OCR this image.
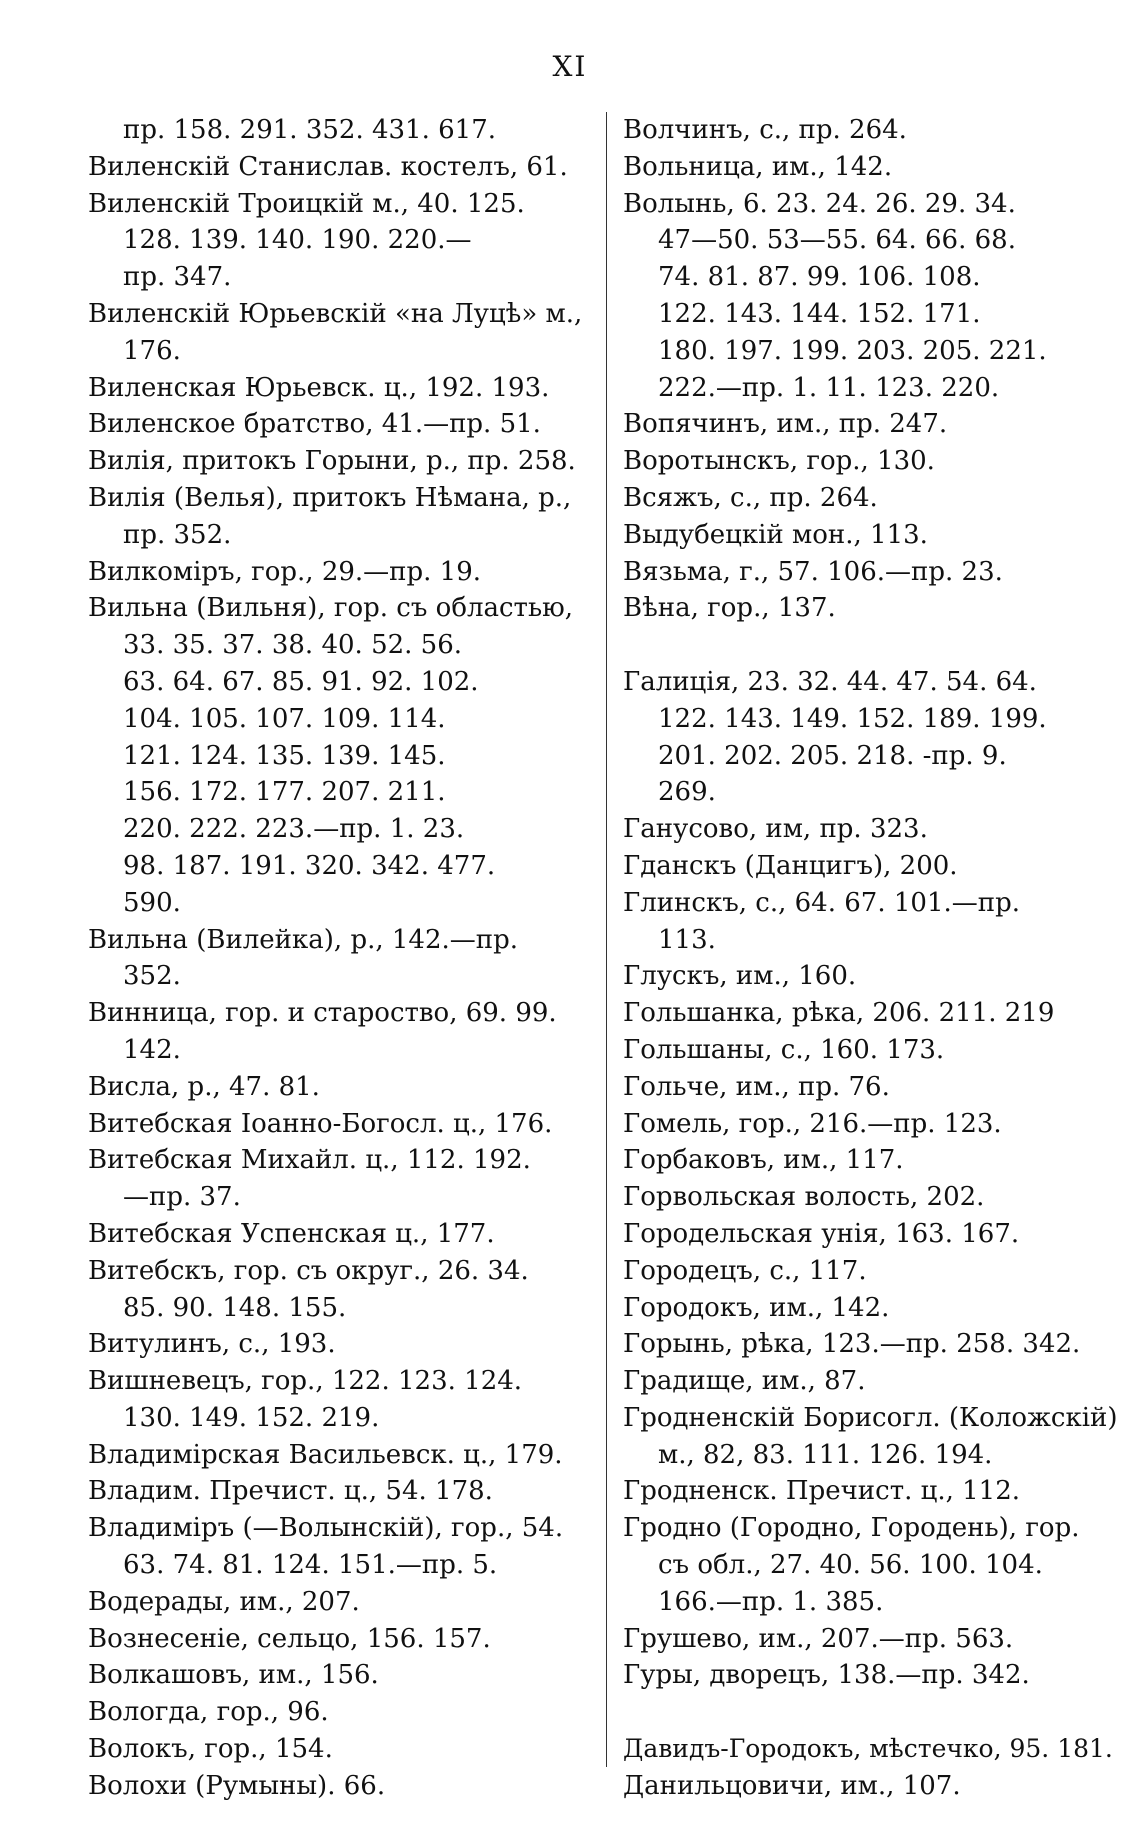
XI
пр. 158. 291. 352. 431. 617.
Виленскій Станислав. костелъ, 61.
Виленскій Троицкій м., 40. 125.
128. 139. 140. 190. 220.—
пр. 347.
Виленскій Юрьевскій «на Луцѣ» м.,
176.
Виленская Юрьевск. ц., 192. 193.
Виленское братство, 41.—пр. 51.
Вилія, притокъ Горыни, р., пр. 258.
Вилія (Велья), притокъ Нѣмана, р.,
пр. 352.
Вилкоміръ, гор., 29.—пр. 19.
Вильна (Вильня), гор. съ областью,
33. 35. 37. 38. 40. 52. 56.
63. 64. 67. 85. 91. 92. 102.
104. 105. 107. 109. 114.
121. 124. 135. 139. 145.
156. 172. 177. 207. 211.
220. 222. 223.—пр. 1. 23.
98. 187. 191. 320. 342. 477.
590.
Вильна (Вилейка), р., 142.—пр.
352.
Винница, гор. и староство, 69. 99.
142.
Висла, р., 47. 81.
Витебская Іоанно-Богосл. ц., 176.
Витебская Михайл. ц., 112. 192.
—пр. 37.
Витебская Успенская ц., 177.
Витебскъ, гор. съ округ., 26. 34.
85. 90. 148. 155.
Витулинъ, с., 193.
Вишневецъ, гор., 122. 123. 124.
130. 149. 152. 219.
Владимірская Васильевск. ц., 179.
Владим. Пречист. ц., 54. 178.
Владиміръ (—Волынскій), гор., 54.
63. 74. 81. 124. 151.—пр. 5.
Водерады, им., 207.
Вознесеніе, сельцо, 156. 157.
Волкашовъ, им., 156.
Вологда, гор., 96.
Волокъ, гор., 154.
Волохи (Румыны). 66.
Волчинъ, с., пр. 264.
Вольница, им., 142.
Волынь, 6. 23. 24. 26. 29. 34.
47—50. 53—55. 64. 66. 68.
74. 81. 87. 99. 106. 108.
122. 143. 144. 152. 171.
180. 197. 199. 203. 205. 221.
222.—пр. 1. 11. 123. 220.
Вопячинъ, им., пр. 247.
Воротынскъ, гор., 130.
Всяжъ, с., пр. 264.
Выдубецкій мон., 113.
Вязьма, г., 57. 106.—пр. 23.
Вѣна, гор., 137.
Галиція, 23. 32. 44. 47. 54. 64.
122. 143. 149. 152. 189. 199.
201. 202. 205. 218. -пр. 9.
269.
Ганусово, им, пр. 323.
Гданскъ (Данцигъ), 200.
Глинскъ, с., 64. 67. 101.—пр.
113.
Глускъ, им., 160.
Гольшанка, рѣка, 206. 211. 219
Гольшаны, с., 160. 173.
Гольче, им., пр. 76.
Гомель, гор., 216.—пр. 123.
Горбаковъ, им., 117.
Горвольская волость, 202.
Городельская унія, 163. 167.
Городецъ, с., 117.
Городокъ, им., 142.
Горынь, рѣка, 123.—пр. 258. 342.
Градище, им., 87.
Гродненскій Борисогл. (Коложскій)
м., 82, 83. 111. 126. 194.
Гродненск. Пречист. ц., 112.
Гродно (Городно, Городень), гор.
съ обл., 27. 40. 56. 100. 104.
166.—пр. 1. 385.
Грушево, им., 207.—пр. 563.
Гуры, дворецъ, 138.—пр. 342.
Давидъ-Городокъ, мѣстечко, 95. 181.
Данильцовичи, им., 107.
